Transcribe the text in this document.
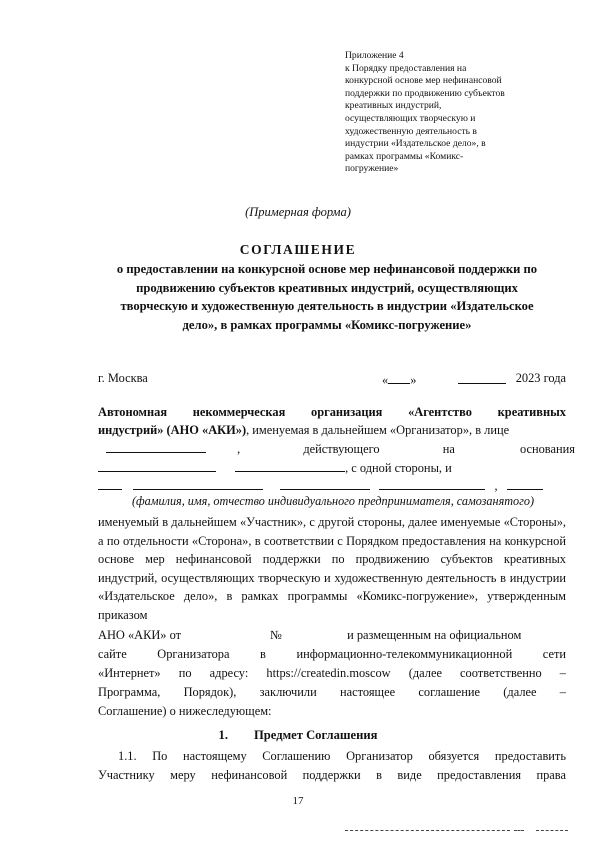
Приложение 4
к Порядку предоставления на
конкурсной основе мер нефинансовой
поддержки по продвижению субъектов
креативных индустрий,
осуществляющих творческую и
художественную деятельность в
индустрии «Издательское дело», в
рамках программы «Комикс-
погружение»
(Примерная форма)
СОГЛАШЕНИЕ
о предоставлении на конкурсной основе мер нефинансовой поддержки по продвижению субъектов креативных индустрий, осуществляющих творческую и художественную деятельность в индустрии «Издательское дело», в рамках программы «Комикс-погружение»
г. Москва	« »	2023 года
Автономная некоммерческая организация «Агентство креативных
индустрий» (АНО «АКИ»), именуемая в дальнейшем «Организатор», в лице
,	действующего	на	основания
, с одной стороны, и
,
(фамилия, имя, отчество индивидуального предпринимателя, самозанятого)
именуемый в дальнейшем «Участник», с другой стороны, далее именуемые «Стороны», а по отдельности «Сторона», в соответствии с Порядком предоставления на конкурсной основе мер нефинансовой поддержки по продвижению субъектов креативных индустрий, осуществляющих творческую и художественную деятельность в индустрии «Издательское дело», в рамках программы «Комикс-погружение», утвержденным приказом
АНО «АКИ» от	№	и размещенным на официальном
сайте Организатора в информационно-телекоммуникационной сети
«Интернет» по адресу: https://createdin.moscow (далее соответственно –
Программа, Порядок), заключили настоящее соглашение (далее –
Соглашение) о нижеследующем:
1. Предмет Соглашения
1.1. По настоящему Соглашению Организатор обязуется предоставить
Участнику меру нефинансовой поддержки в виде предоставления права
17
